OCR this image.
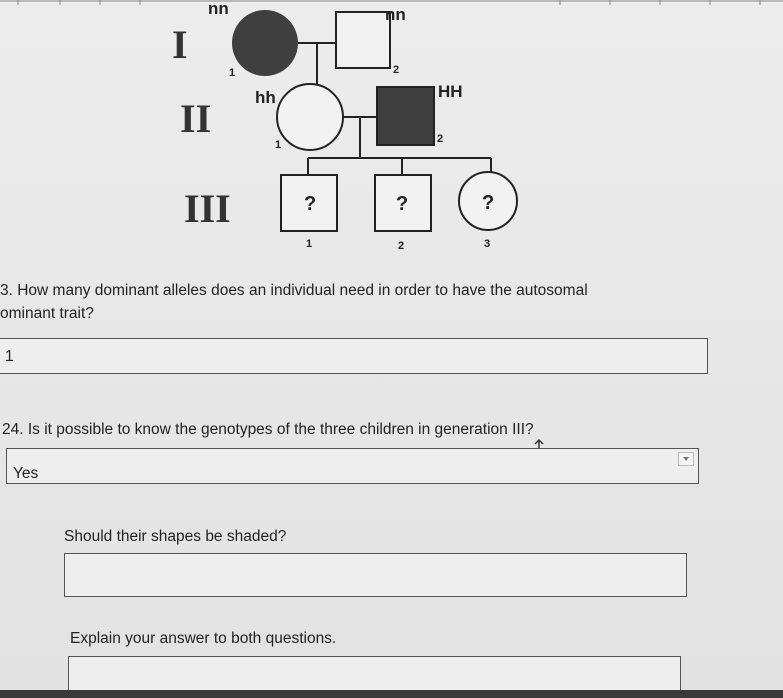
I
II
III
nn	nn
1	2
hh	HH
1	2
?	?	?
1	2	3
3. How many dominant alleles does an individual need in order to have the autosomal
ominant trait?
1
24. Is it possible to know the genotypes of the three children in generation III?
Yes
Should their shapes be shaded?
Explain your answer to both questions.
